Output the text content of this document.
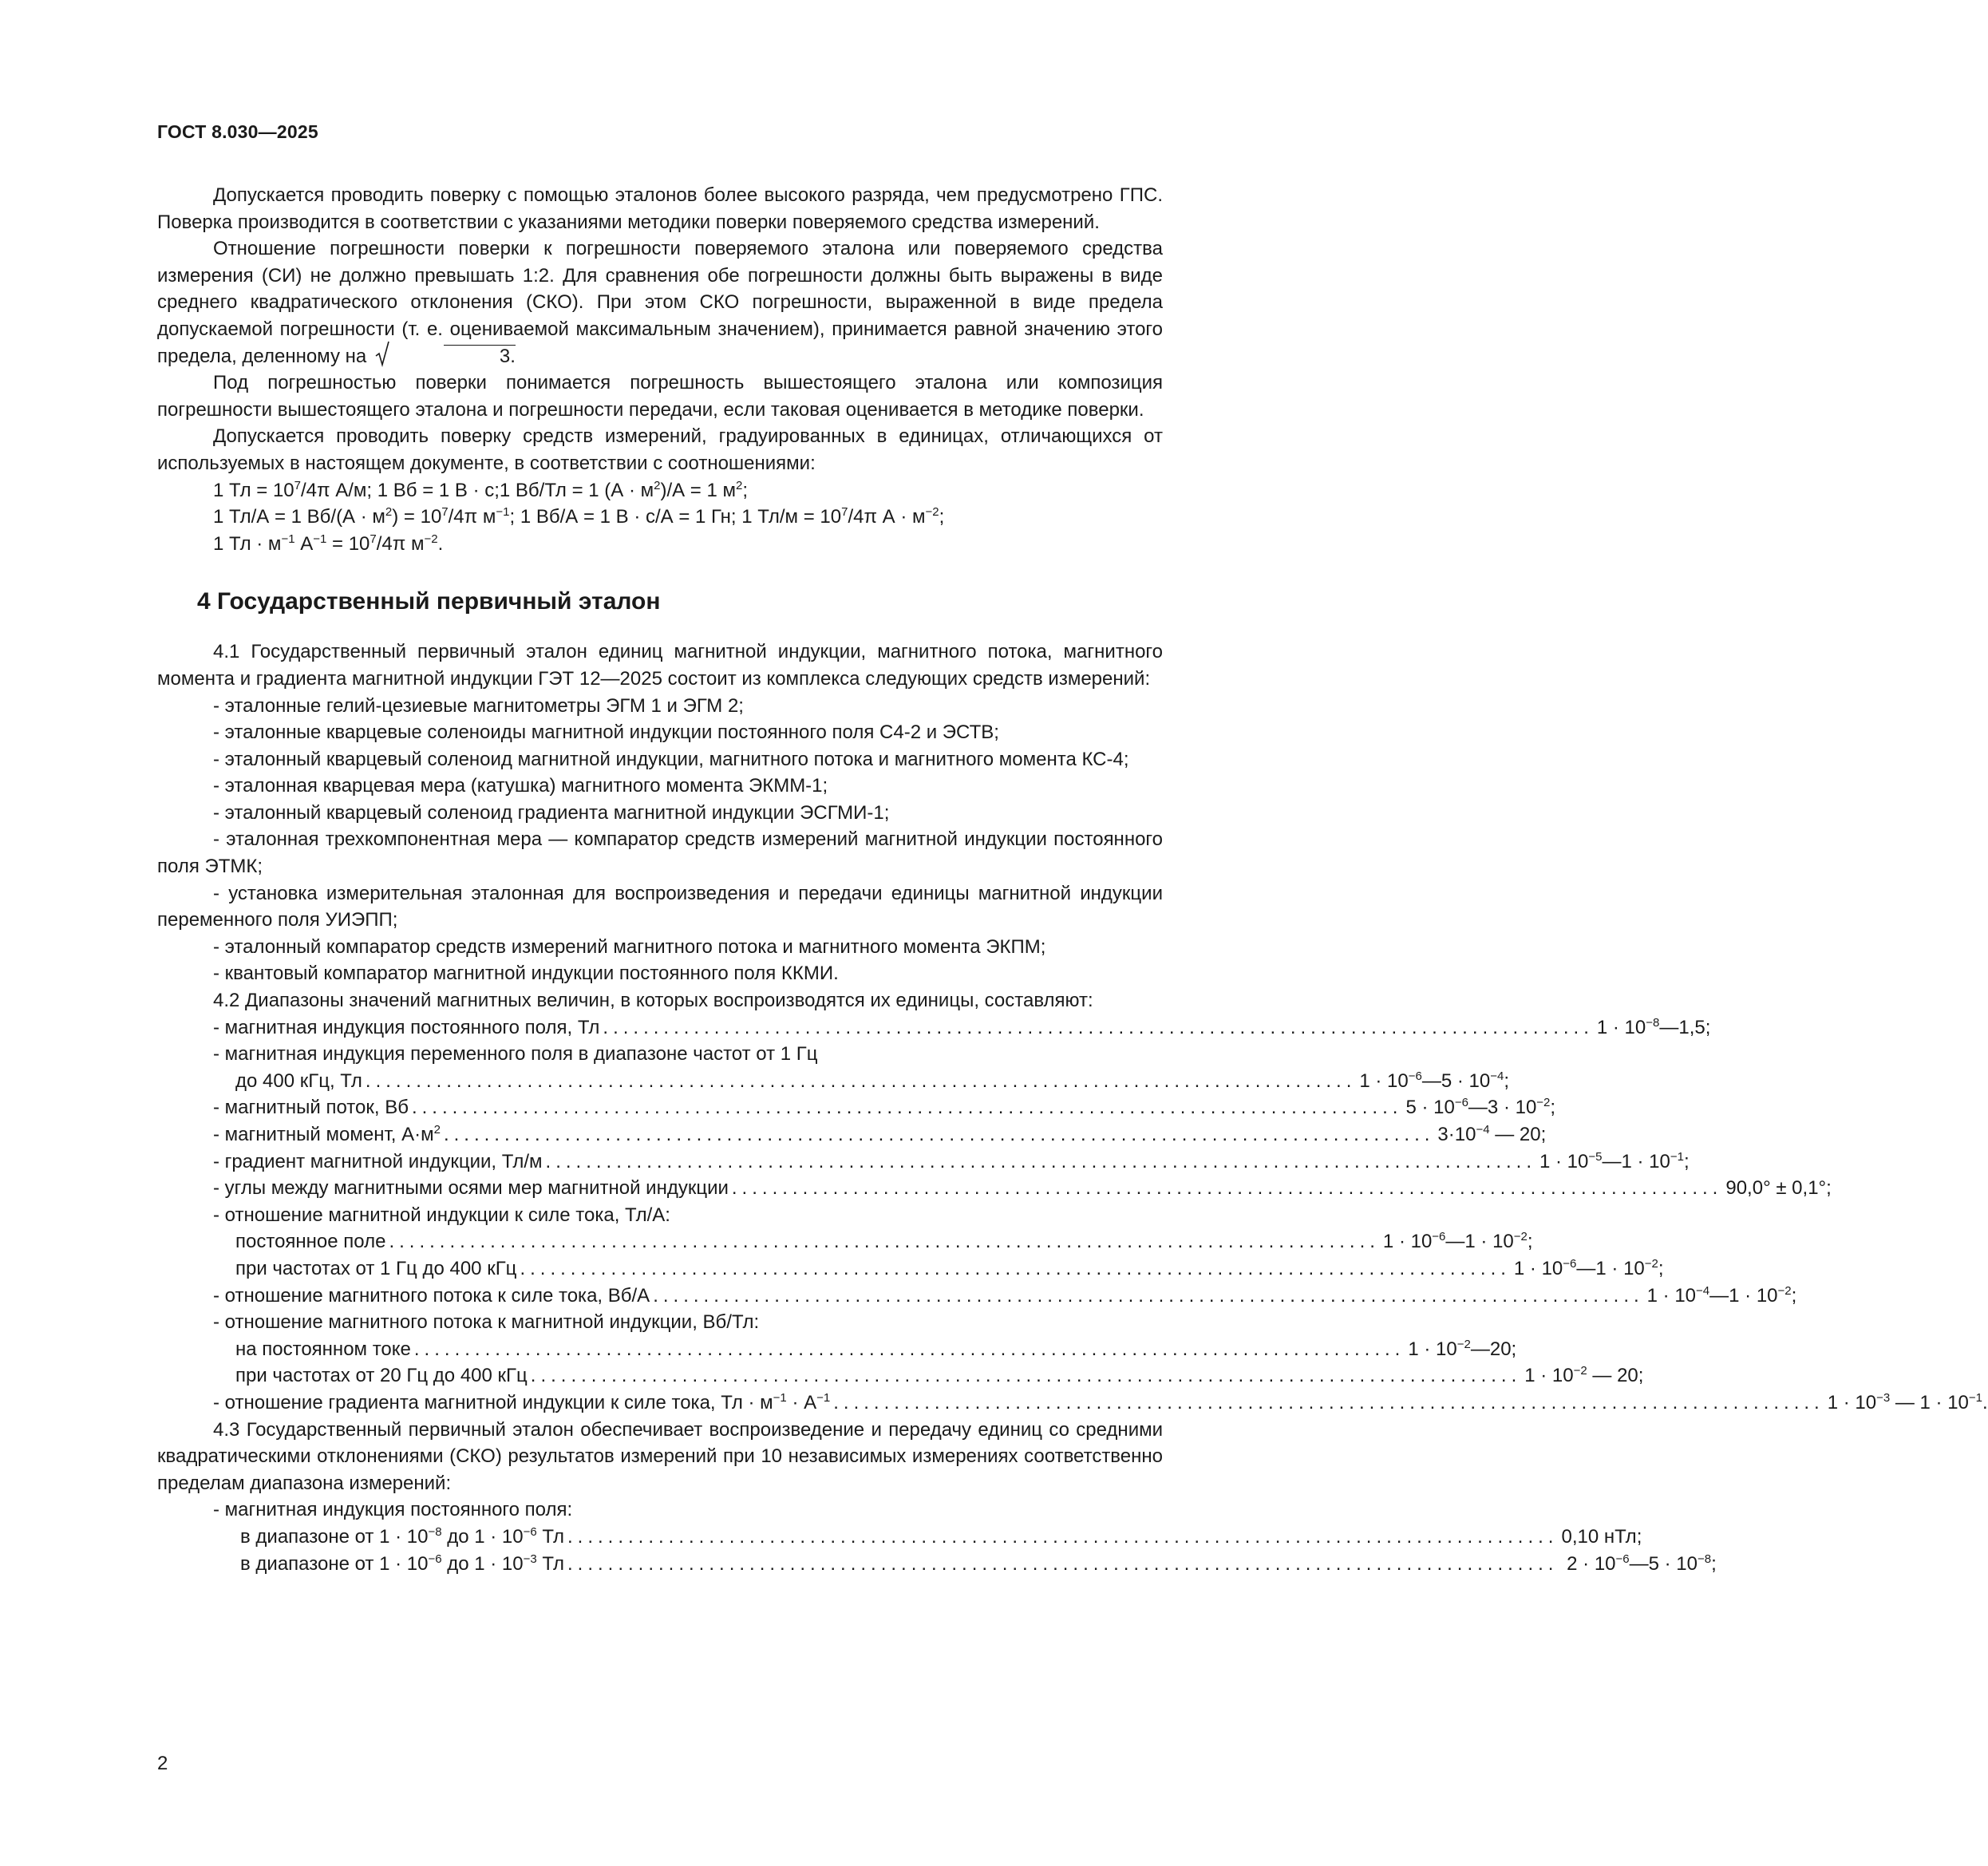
ГОСТ 8.030—2025

Допускается проводить поверку с помощью эталонов более высокого разряда, чем предусмотрено ГПС. Поверка производится в соответствии с указаниями методики поверки поверяемого средства измерений.

Отношение погрешности поверки к погрешности поверяемого эталона или поверяемого средства измерения (СИ) не должно превышать 1:2. Для сравнения обе погрешности должны быть выражены в виде среднего квадратического отклонения (СКО). При этом СКО погрешности, выраженной в виде предела допускаемой погрешности (т. е. оцениваемой максимальным значением), принимается равной значению этого предела, деленному на	3.

Под погрешностью поверки понимается погрешность вышестоящего эталона или композиция погрешности вышестоящего эталона и погрешности передачи, если таковая оценивается в методике поверки.

Допускается проводить поверку средств измерений, градуированных в единицах, отличающихся от используемых в настоящем документе, в соответствии с соотношениями:

1 Тл = $10^7/4\pi$ А/м; 1 Вб = 1 В · с;1 Вб/Тл = 1 $(А \cdot м^2)/А = 1$ $м^2$;

1 Тл/А = 1 $Вб/(А \cdot м^2) = 10^7/4\pi$ $м^{-1}$; 1 Вб/А = 1 В · с/А = 1 Гн; 1 $Тл/м = 10^7/4\pi$ $А \cdot м^{-2}$;

1 Тл · $м^{-1}$ $А^{-1} = 10^7/4\pi$ $м^{-2}$.

4 Государственный первичный эталон

4.1 Государственный первичный эталон единиц магнитной индукции, магнитного потока, магнитного момента и градиента магнитной индукции ГЭТ 12—2025 состоит из комплекса следующих средств измерений:

- эталонные гелий-цезиевые магнитометры ЭГМ 1 и ЭГМ 2;

- эталонные кварцевые соленоиды магнитной индукции постоянного поля С4-2 и ЭСТВ;

- эталонный кварцевый соленоид магнитной индукции, магнитного потока и магнитного момента КС-4;

- эталонная кварцевая мера (катушка) магнитного момента ЭКММ-1;

- эталонный кварцевый соленоид градиента магнитной индукции ЭСГМИ-1;

- эталонная трехкомпонентная мера — компаратор средств измерений магнитной индукции постоянного поля ЭТМК;

- установка измерительная эталонная для воспроизведения и передачи единицы магнитной индукции переменного поля УИЭПП;

- эталонный компаратор средств измерений магнитного потока и магнитного момента ЭКПМ;

- квантовый компаратор магнитной индукции постоянного поля ККМИ.

4.2 Диапазоны значений магнитных величин, в которых воспроизводятся их единицы, составляют:

- магнитная индукция постоянного поля, Тл .................................................................................................. $1 \cdot 10^{-8}—1,5$;

- магнитная индукция переменного поля в диапазоне частот от 1 Гц

до 400 кГц, Тл .................................................................................................. $1 \cdot 10^{-6}—5 \cdot 10^{-4}$;
- магнитный поток, Вб .................................................................................................. $5 \cdot 10^{-6}—3 \cdot 10^{-2}$;
- магнитный момент, $А\cdot м^2$ .................................................................................................. $3\cdot 10^{-4}$ — 20;
- градиент магнитной индукции, Тл/м .................................................................................................. $1 \cdot 10^{-5}—1 \cdot 10^{-1}$;
- углы между магнитными осями мер магнитной индукции .................................................................................................. 90,0° ± 0,1°;

- отношение магнитной индукции к силе тока, Тл/А:

постоянное поле .................................................................................................. $1 \cdot 10^{-6}—1 \cdot 10^{-2}$;
при частотах от 1 Гц до 400 кГц .................................................................................................. $1 \cdot 10^{-6}—1 \cdot 10^{-2}$;
- отношение магнитного потока к силе тока, Вб/А .................................................................................................. $1 \cdot 10^{-4}—1 \cdot 10^{-2}$;

- отношение магнитного потока к магнитной индукции, Вб/Тл:

на постоянном токе .................................................................................................. $1 \cdot 10^{-2}—20$;
при частотах от 20 Гц до 400 кГц .................................................................................................. $1 \cdot 10^{-2}$ — 20;
- отношение градиента магнитной индукции к силе тока, Тл · $м^{-1} \cdot А^{-1}$ .................................................................................................. $1 \cdot 10^{-3}$ — $1 \cdot 10^{-1}$.

4.3 Государственный первичный эталон обеспечивает воспроизведение и передачу единиц со средними квадратическими отклонениями (СКО) результатов измерений при 10 независимых измерениях соответственно пределам диапазона измерений:

- магнитная индукция постоянного поля:

в диапазоне от $1 \cdot 10^{-8}$ до $1 \cdot 10^{-6}$ Тл .................................................................................................. 0,10 нТл;
в диапазоне от $1 \cdot 10^{-6}$ до $1 \cdot 10^{-3}$ Тл .................................................................................................. $2 \cdot 10^{-6}—5 \cdot 10^{-8}$;
2
